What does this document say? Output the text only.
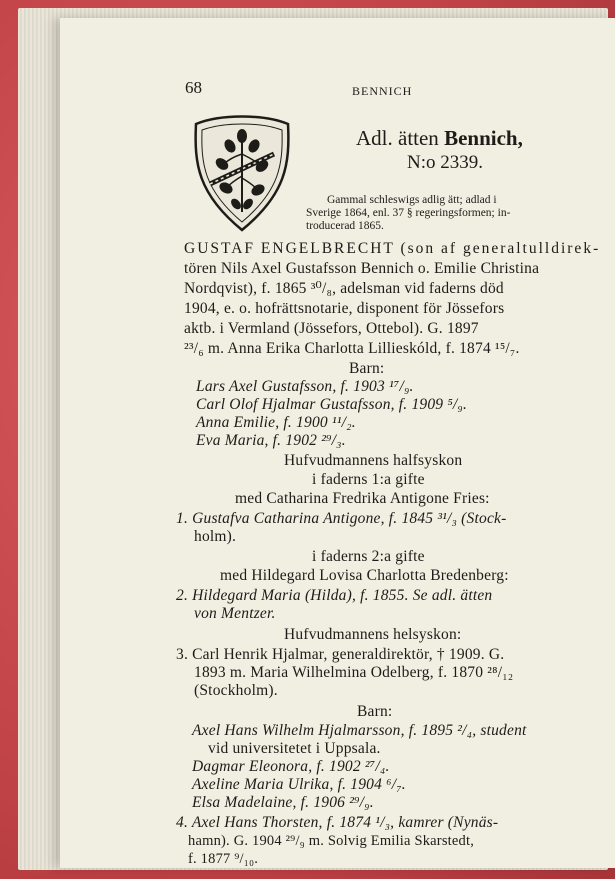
68	BENNICH
Adl. ätten Bennich,
N:o 2339.
Gammal schleswigs adlig ätt; adlad i
Sverige 1864, enl. 37 § regeringsformen; in-
troducerad 1865.
GUSTAF ENGELBRECHT (son af generaltulldirek-
tören Nils Axel Gustafsson Bennich o. Emilie Christina
Nordqvist), f. 1865 ³⁰/₈, adelsman vid faderns död
1904, e. o. hofrättsnotarie, disponent för Jössefors
aktb. i Vermland (Jössefors, Ottebol). G. 1897
²³/₆ m. Anna Erika Charlotta Lillieskóld, f. 1874 ¹⁵/₇.
Barn:
Lars Axel Gustafsson, f. 1903 ¹⁷/₉.
Carl Olof Hjalmar Gustafsson, f. 1909 ⁵/₉.
Anna Emilie, f. 1900 ¹¹/₂.
Eva Maria, f. 1902 ²⁹/₃.
Hufvudmannens halfsyskon
i faderns 1:a gifte
med Catharina Fredrika Antigone Fries:
1. Gustafva Catharina Antigone, f. 1845 ³¹/₃ (Stock-
holm).
i faderns 2:a gifte
med Hildegard Lovisa Charlotta Bredenberg:
2. Hildegard Maria (Hilda), f. 1855. Se adl. ätten
von Mentzer.
Hufvudmannens helsyskon:
3. Carl Henrik Hjalmar, generaldirektör, † 1909. G.
1893 m. Maria Wilhelmina Odelberg, f. 1870 ²⁸/₁₂
(Stockholm).
Barn:
Axel Hans Wilhelm Hjalmarsson, f. 1895 ²/₄, student
vid universitetet i Uppsala.
Dagmar Eleonora, f. 1902 ²⁷/₄.
Axeline Maria Ulrika, f. 1904 ⁶/₇.
Elsa Madelaine, f. 1906 ²⁹/₉.
4. Axel Hans Thorsten, f. 1874 ¹/₃, kamrer (Nynäs-
hamn). G. 1904 ²⁹/₉ m. Solvig Emilia Skarstedt,
f. 1877 ⁹/₁₀.
